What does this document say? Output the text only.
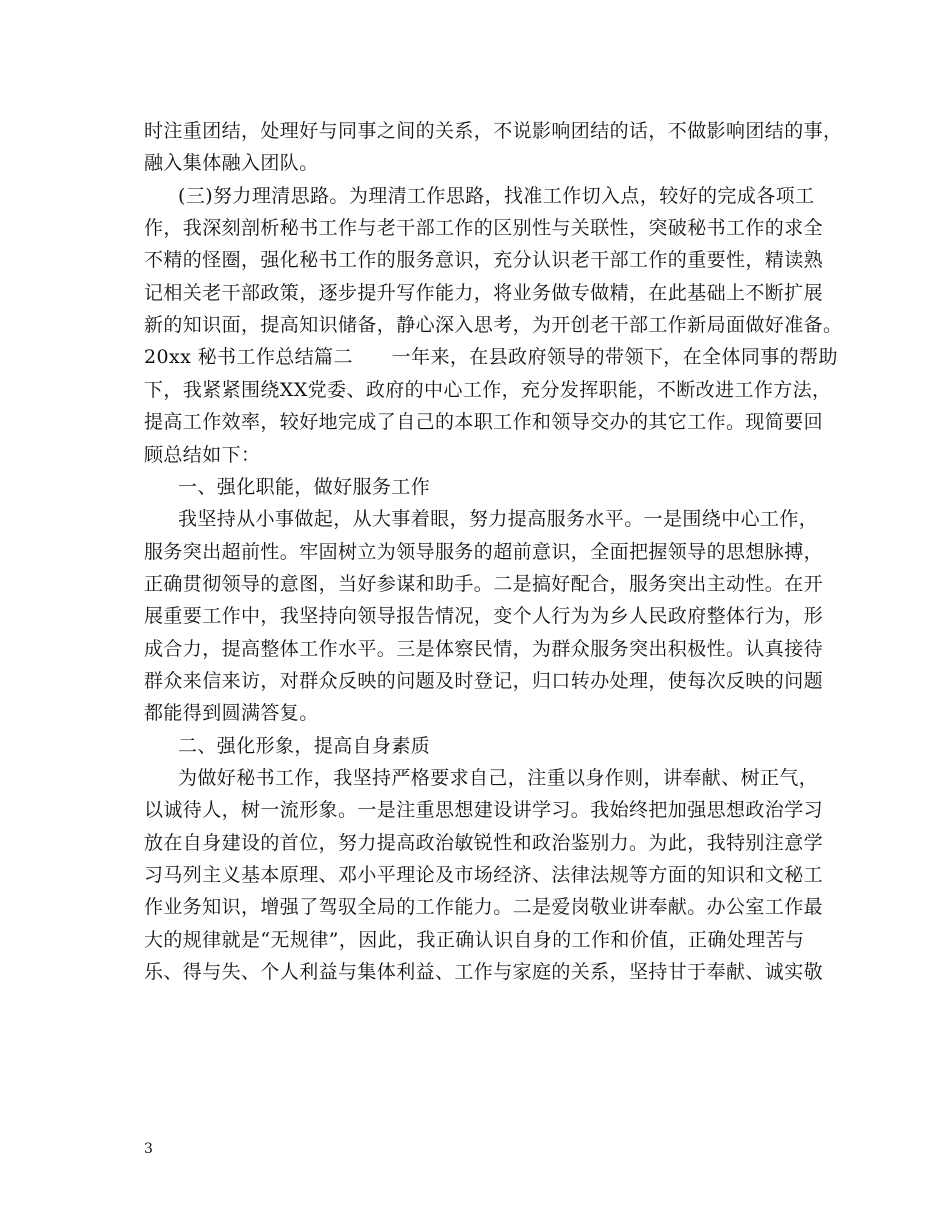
时注重团结，处理好与同事之间的关系，不说影响团结的话，不做影响团结的事，
融入集体融入团队。
(三)努力理清思路。为理清工作思路，找准工作切入点，较好的完成各项工
作，我深刻剖析秘书工作与老干部工作的区别性与关联性，突破秘书工作的求全
不精的怪圈，强化秘书工作的服务意识，充分认识老干部工作的重要性，精读熟
记相关老干部政策，逐步提升写作能力，将业务做专做精，在此基础上不断扩展
新的知识面，提高知识储备，静心深入思考，为开创老干部工作新局面做好准备。
20xx 秘书工作总结篇二　　一年来，在县政府领导的带领下，在全体同事的帮助
下，我紧紧围绕XX党委、政府的中心工作，充分发挥职能，不断改进工作方法，
提高工作效率，较好地完成了自己的本职工作和领导交办的其它工作。现简要回
顾总结如下：
一、强化职能，做好服务工作
我坚持从小事做起，从大事着眼，努力提高服务水平。一是围绕中心工作，
服务突出超前性。牢固树立为领导服务的超前意识，全面把握领导的思想脉搏，
正确贯彻领导的意图，当好参谋和助手。二是搞好配合，服务突出主动性。在开
展重要工作中，我坚持向领导报告情况，变个人行为为乡人民政府整体行为，形
成合力，提高整体工作水平。三是体察民情，为群众服务突出积极性。认真接待
群众来信来访，对群众反映的问题及时登记，归口转办处理，使每次反映的问题
都能得到圆满答复。
二、强化形象，提高自身素质
为做好秘书工作，我坚持严格要求自己，注重以身作则，讲奉献、树正气，
以诚待人，树一流形象。一是注重思想建设讲学习。我始终把加强思想政治学习
放在自身建设的首位，努力提高政治敏锐性和政治鉴别力。为此，我特别注意学
习马列主义基本原理、邓小平理论及市场经济、法律法规等方面的知识和文秘工
作业务知识，增强了驾驭全局的工作能力。二是爱岗敬业讲奉献。办公室工作最
大的规律就是“无规律”，因此，我正确认识自身的工作和价值，正确处理苦与
乐、得与失、个人利益与集体利益、工作与家庭的关系，坚持甘于奉献、诚实敬
3
